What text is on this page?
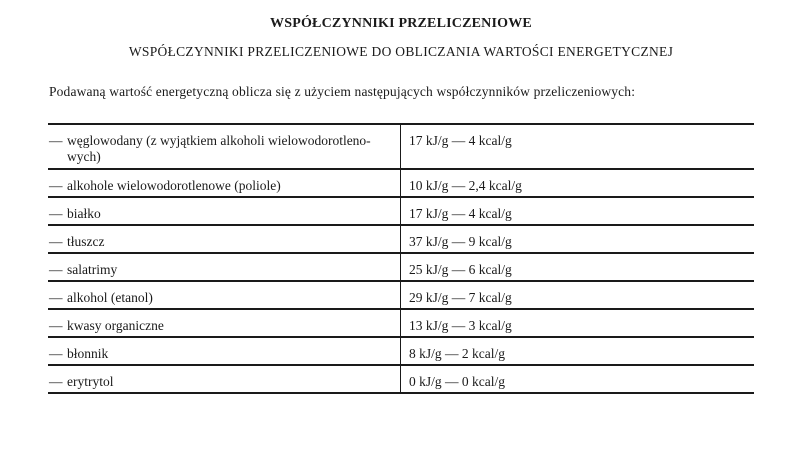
WSPÓŁCZYNNIKI PRZELICZENIOWE
WSPÓŁCZYNNIKI PRZELICZENIOWE DO OBLICZANIA WARTOŚCI ENERGETYCZNEJ
Podawaną wartość energetyczną oblicza się z użyciem następujących współczynników przeliczeniowych:
— węglowodany (z wyjątkiem alkoholi wielowodorotleno-
wych)	17 kJ/g — 4 kcal/g

— alkohole wielowodorotlenowe (poliole)	10 kJ/g — 2,4 kcal/g

— białko	17 kJ/g — 4 kcal/g

— tłuszcz	37 kJ/g — 9 kcal/g

— salatrimy	25 kJ/g — 6 kcal/g

— alkohol (etanol)	29 kJ/g — 7 kcal/g

— kwasy organiczne	13 kJ/g — 3 kcal/g

— błonnik	8 kJ/g — 2 kcal/g

— erytrytol	0 kJ/g — 0 kcal/g
